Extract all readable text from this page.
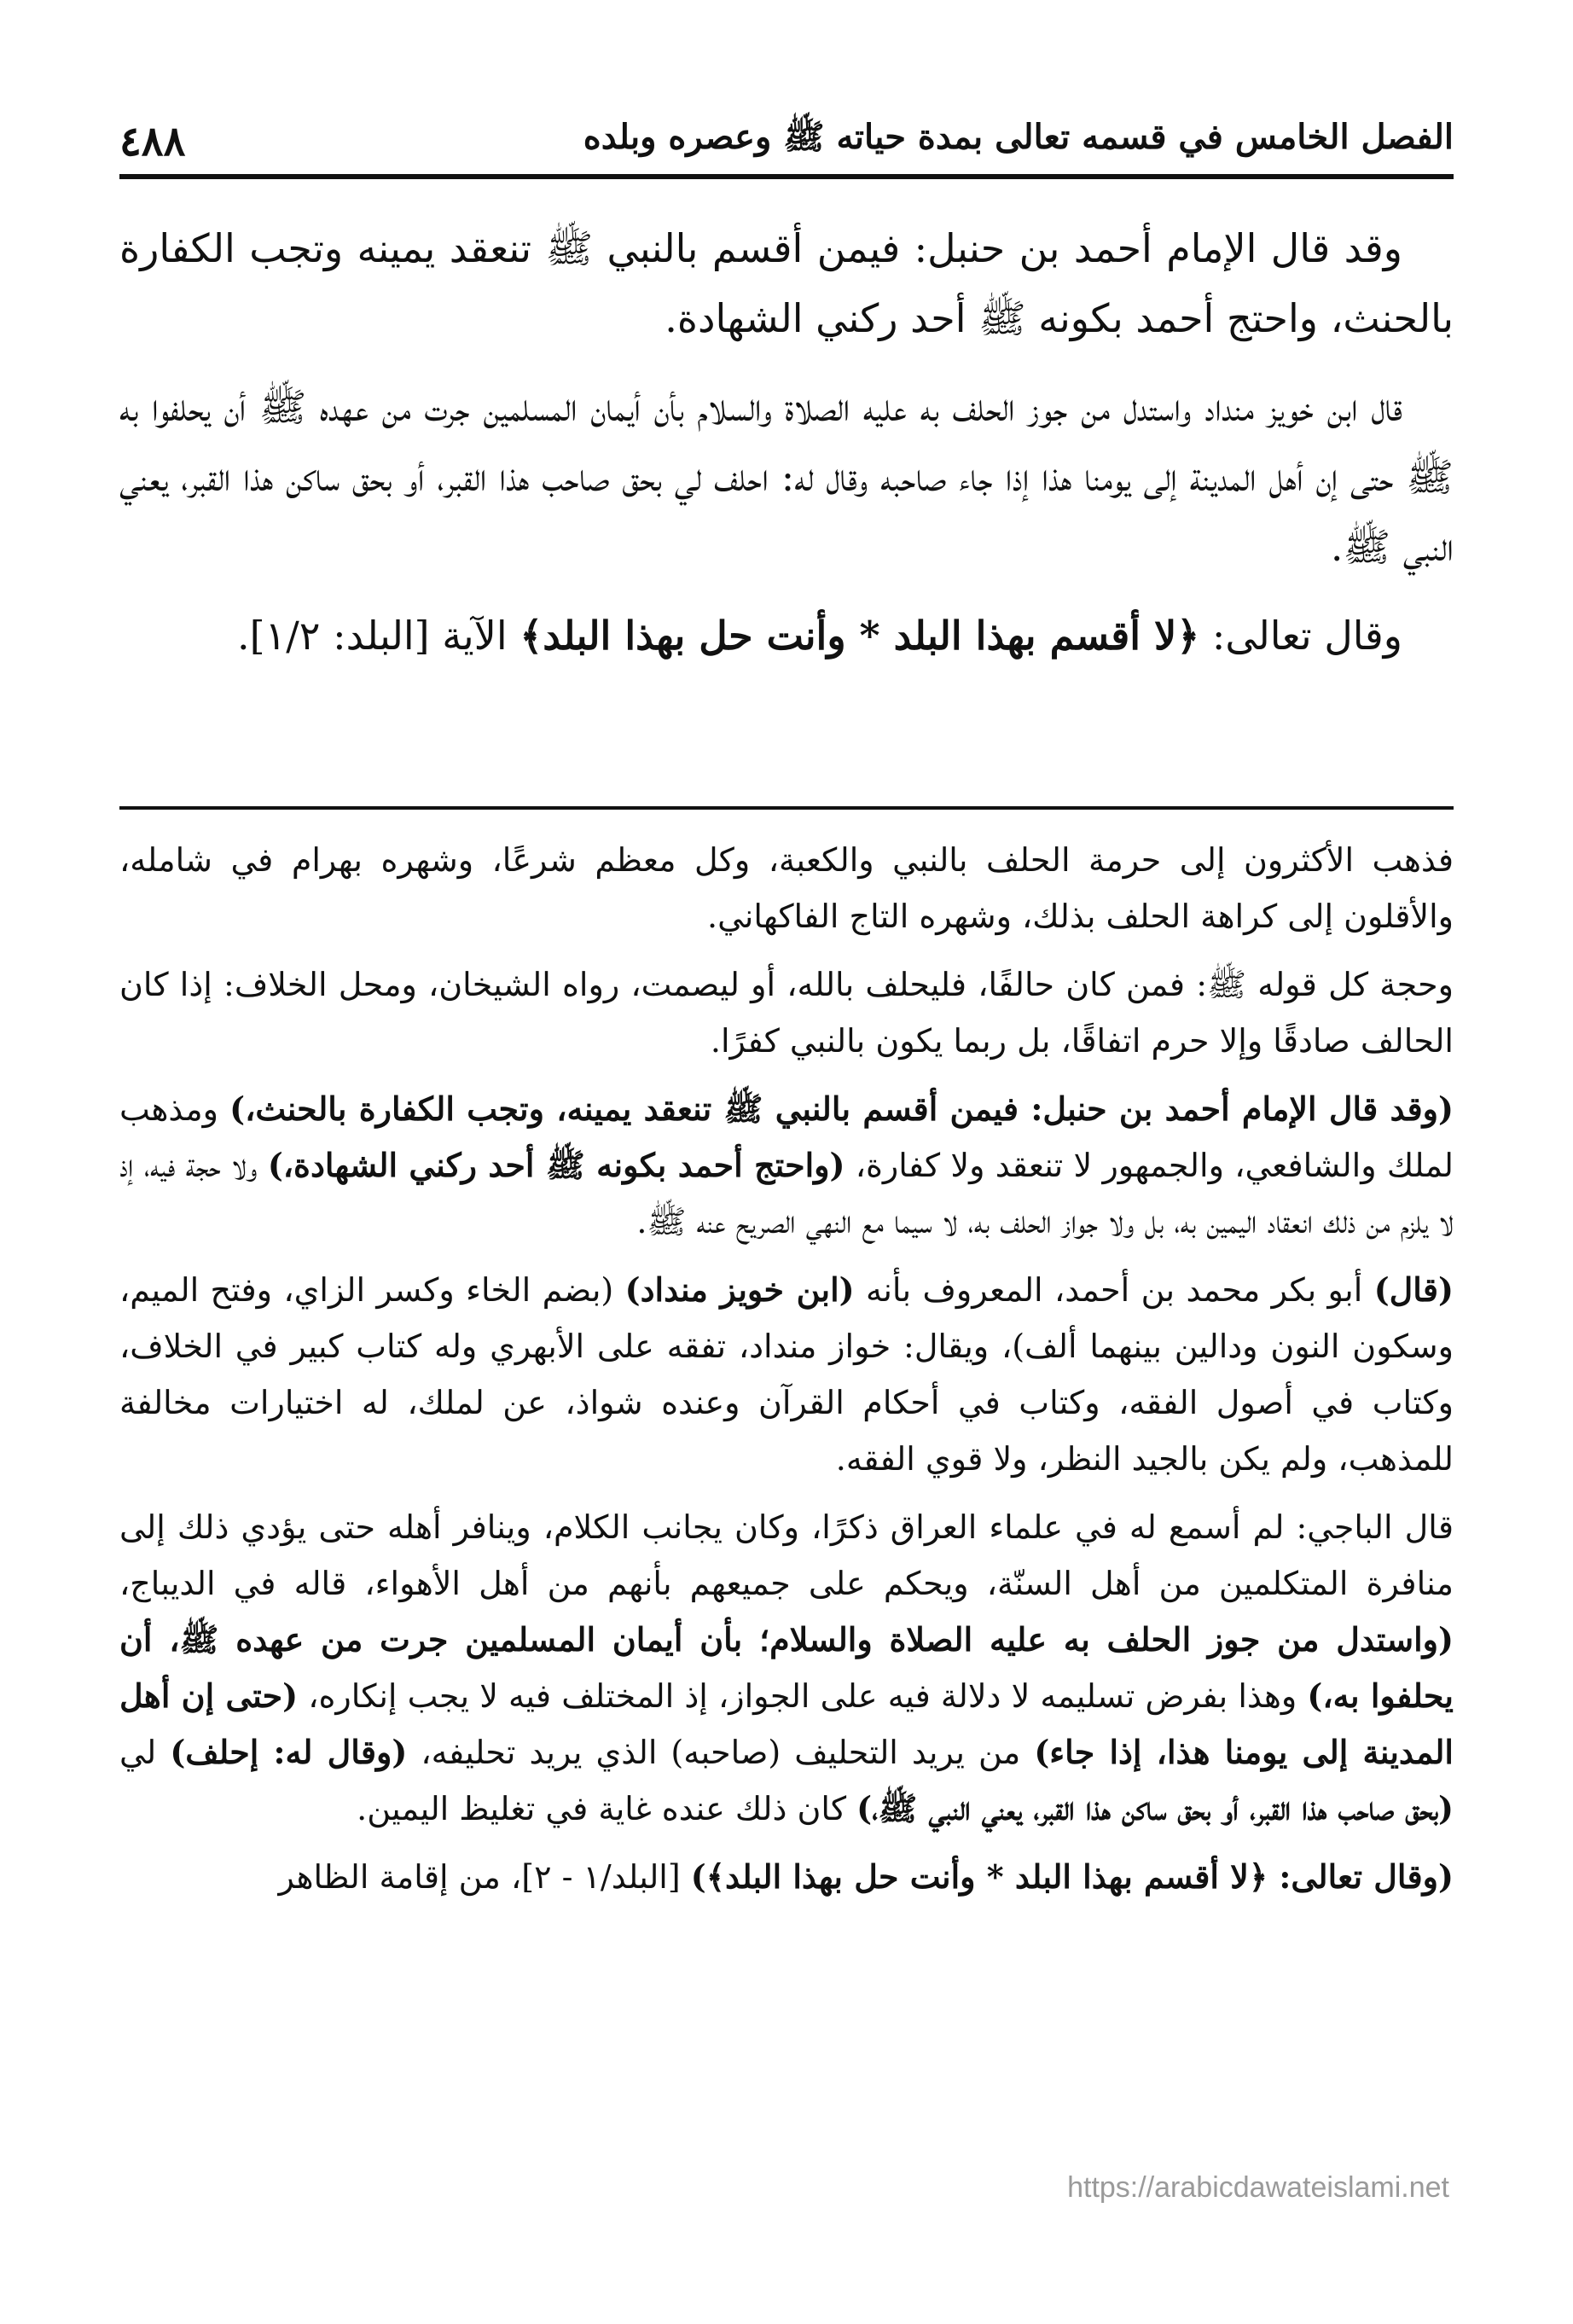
الفصل الخامس في قسمه تعالى بمدة حياته ﷺ وعصره وبلده
٤٨٨

وقد قال الإمام أحمد بن حنبل: فيمن أقسم بالنبي ﷺ تنعقد يمينه وتجب الكفارة بالحنث، واحتج أحمد بكونه ﷺ أحد ركني الشهادة.

قال ابن خويز منداد واستدل من جوز الحلف به عليه الصلاة والسلام بأن أيمان المسلمين جرت من عهده ﷺ أن يحلفوا به ﷺ حتى إن أهل المدينة إلى يومنا هذا إذا جاء صاحبه وقال له: احلف لي بحق صاحب هذا القبر، أو بحق ساكن هذا القبر، يعني النبي ﷺ.

وقال تعالى: ﴿لا أقسم بهذا البلد * وأنت حل بهذا البلد﴾ الآية [البلد: ١/٢].

فذهب الأكثرون إلى حرمة الحلف بالنبي والكعبة، وكل معظم شرعًا، وشهره بهرام في شامله، والأقلون إلى كراهة الحلف بذلك، وشهره التاج الفاكهاني.

وحجة كل قوله ﷺ: فمن كان حالفًا، فليحلف بالله، أو ليصمت، رواه الشيخان، ومحل الخلاف: إذا كان الحالف صادقًا وإلا حرم اتفاقًا، بل ربما يكون بالنبي كفرًا.

(وقد قال الإمام أحمد بن حنبل: فيمن أقسم بالنبي ﷺ تنعقد يمينه، وتجب الكفارة بالحنث،) ومذهب لملك والشافعي، والجمهور لا تنعقد ولا كفارة، (واحتج أحمد بكونه ﷺ أحد ركني الشهادة،) ولا حجة فيه، إذ لا يلزم من ذلك انعقاد اليمين به، بل ولا جواز الحلف به، لا سيما مع النهي الصريح عنه ﷺ.

(قال) أبو بكر محمد بن أحمد، المعروف بأنه (ابن خويز منداد) (بضم الخاء وكسر الزاي، وفتح الميم، وسكون النون ودالين بينهما ألف)، ويقال: خواز منداد، تفقه على الأبهري وله كتاب كبير في الخلاف، وكتاب في أصول الفقه، وكتاب في أحكام القرآن وعنده شواذ، عن لملك، له اختيارات مخالفة للمذهب، ولم يكن بالجيد النظر، ولا قوي الفقه.

قال الباجي: لم أسمع له في علماء العراق ذكرًا، وكان يجانب الكلام، وينافر أهله حتى يؤدي ذلك إلى منافرة المتكلمين من أهل السنّة، ويحكم على جميعهم بأنهم من أهل الأهواء، قاله في الديباج، (واستدل من جوز الحلف به عليه الصلاة والسلام؛ بأن أيمان المسلمين جرت من عهده ﷺ، أن يحلفوا به،) وهذا بفرض تسليمه لا دلالة فيه على الجواز، إذ المختلف فيه لا يجب إنكاره، (حتى إن أهل المدينة إلى يومنا هذا، إذا جاء) من يريد التحليف (صاحبه) الذي يريد تحليفه، (وقال له: إحلف) لي (بحق صاحب هذا القبر، أو بحق ساكن هذا القبر، يعني النبي ﷺ،) كان ذلك عنده غاية في تغليظ اليمين.

(وقال تعالى: ﴿لا أقسم بهذا البلد * وأنت حل بهذا البلد﴾) [البلد/١ - ٢]، من إقامة الظاهر

https://arabicdawateislami.net
